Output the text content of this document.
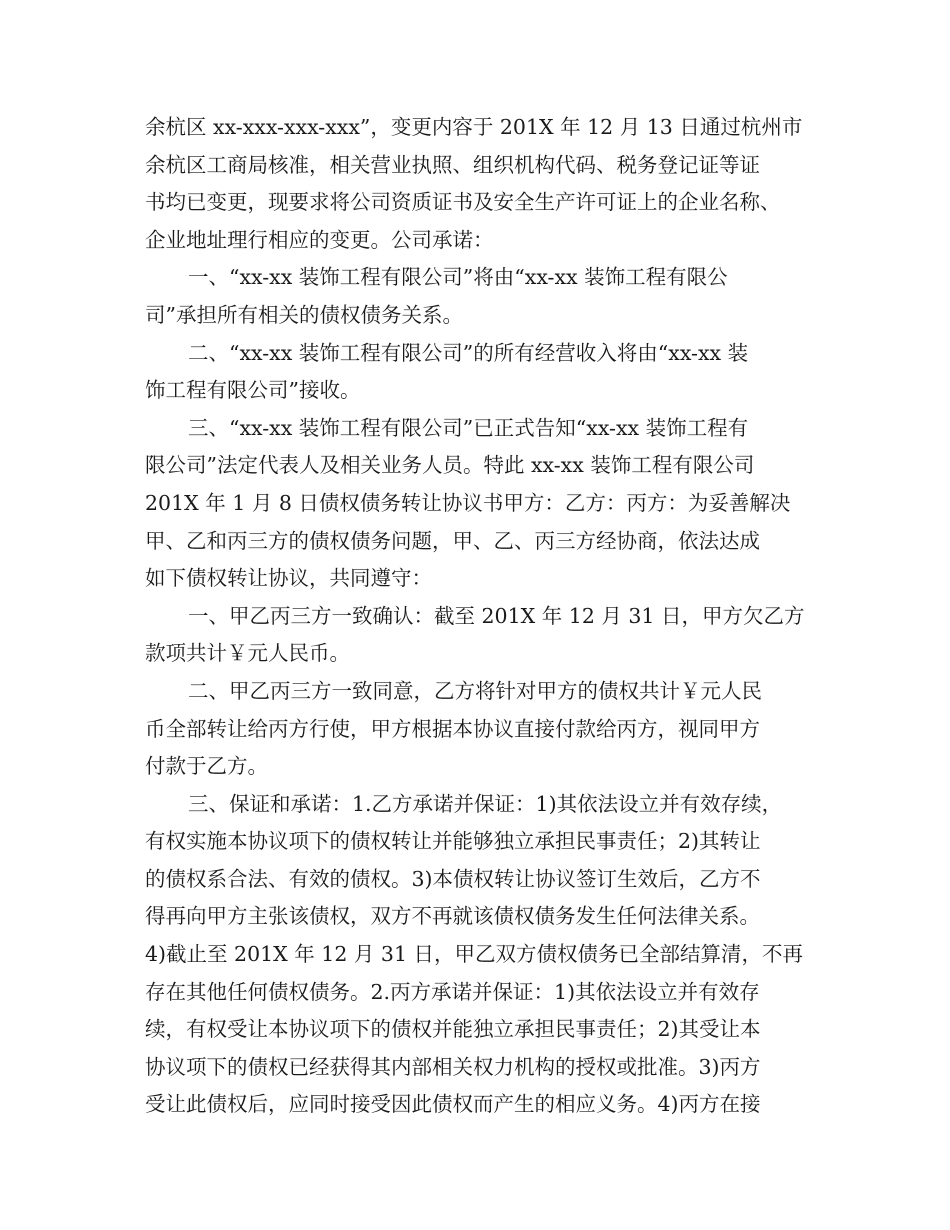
余杭区 xx-xxx-xxx-xxx”，变更内容于 201X 年 12 月 13 日通过杭州市
余杭区工商局核准，相关营业执照、组织机构代码、税务登记证等证
书均已变更，现要求将公司资质证书及安全生产许可证上的企业名称、
企业地址理行相应的变更。公司承诺：
一、“xx-xx 装饰工程有限公司”将由“xx-xx 装饰工程有限公
司”承担所有相关的债权债务关系。
二、“xx-xx 装饰工程有限公司”的所有经营收入将由“xx-xx 装
饰工程有限公司”接收。
三、“xx-xx 装饰工程有限公司”已正式告知“xx-xx 装饰工程有
限公司”法定代表人及相关业务人员。特此 xx-xx 装饰工程有限公司
201X 年 1 月 8 日债权债务转让协议书甲方：乙方：丙方：为妥善解决
甲、乙和丙三方的债权债务问题，甲、乙、丙三方经协商，依法达成
如下债权转让协议，共同遵守：
一、甲乙丙三方一致确认：截至 201X 年 12 月 31 日，甲方欠乙方
款项共计￥元人民币。
二、甲乙丙三方一致同意，乙方将针对甲方的债权共计￥元人民
币全部转让给丙方行使，甲方根据本协议直接付款给丙方，视同甲方
付款于乙方。
三、保证和承诺：1.乙方承诺并保证：1)其依法设立并有效存续，
有权实施本协议项下的债权转让并能够独立承担民事责任；2)其转让
的债权系合法、有效的债权。3)本债权转让协议签订生效后，乙方不
得再向甲方主张该债权，双方不再就该债权债务发生任何法律关系。
4)截止至 201X 年 12 月 31 日，甲乙双方债权债务已全部结算清，不再
存在其他任何债权债务。2.丙方承诺并保证：1)其依法设立并有效存
续，有权受让本协议项下的债权并能独立承担民事责任；2)其受让本
协议项下的债权已经获得其内部相关权力机构的授权或批准。3)丙方
受让此债权后，应同时接受因此债权而产生的相应义务。4)丙方在接
